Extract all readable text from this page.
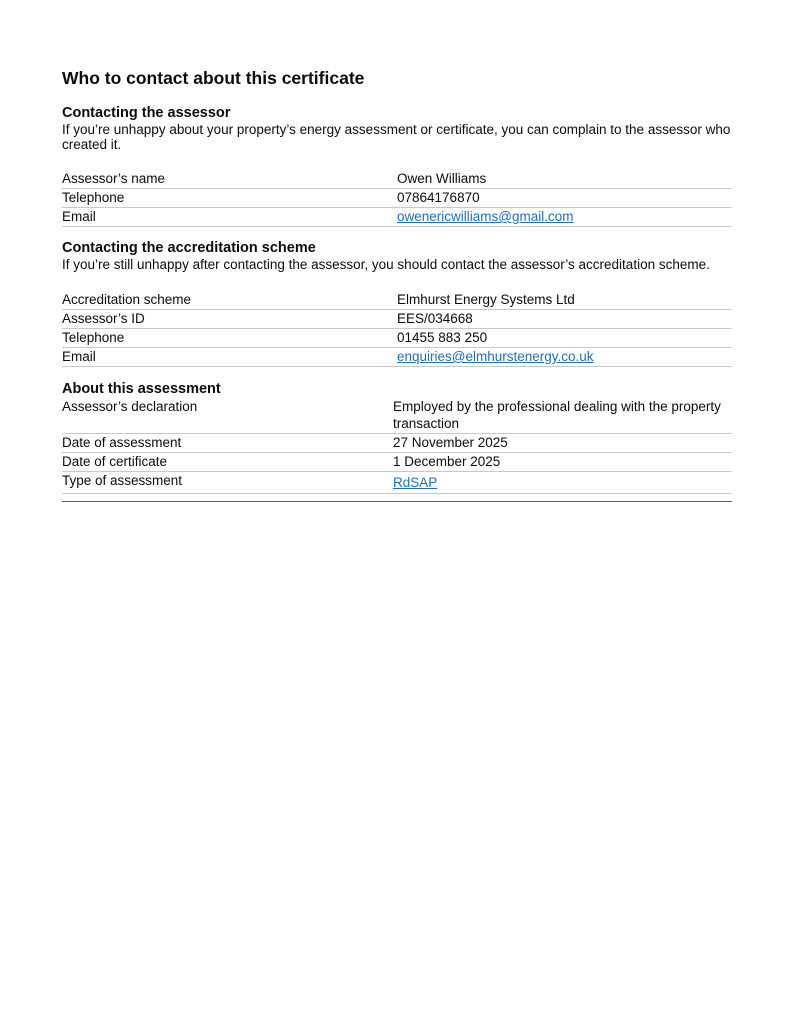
Who to contact about this certificate
Contacting the assessor

If you’re unhappy about your property’s energy assessment or certificate, you can complain to the assessor who created it.

Assessor’s name	Owen Williams
Telephone	07864176870
Email	owenericwilliams@gmail.com
Contacting the accreditation scheme

If you’re still unhappy after contacting the assessor, you should contact the assessor’s accreditation scheme.

Accreditation scheme	Elmhurst Energy Systems Ltd
Assessor’s ID	EES/034668
Telephone	01455 883 250
Email	enquiries@elmhurstenergy.co.uk
About this assessment
Assessor’s declaration	Employed by the professional dealing with the property transaction
Date of assessment	27 November 2025
Date of certificate	1 December 2025
Type of assessment	RdSAP
